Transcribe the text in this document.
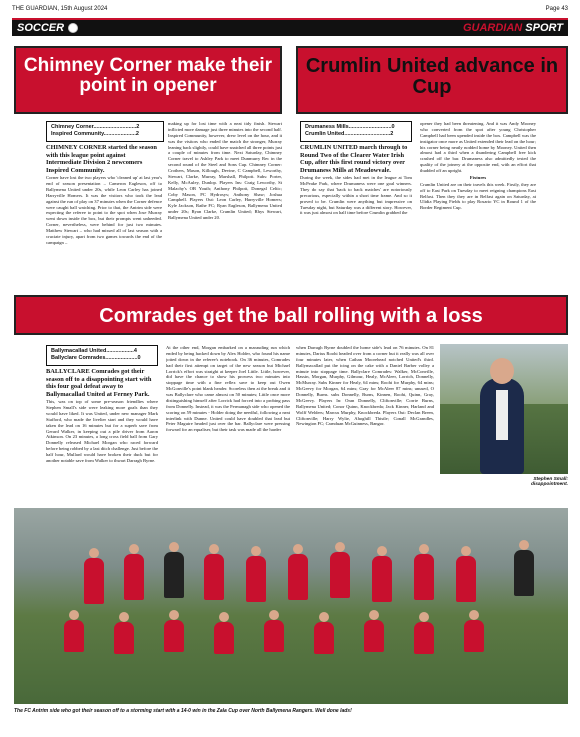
THE GUARDIAN, 15th August 2024	Page 43
SOCCER	GUARDIAN SPORT
Chimney Corner make their point in opener
Chimney Corner............................2
Inspired Community.....................2

CHIMNEY CORNER started the season with this league point against Intermediate Division 2 newcomers Inspired Community.

Corner have lost the two players who 'cleaned up' at last year's end of season presentation – Cameron Eagleson, off to Ballymena United under 20s, while Leon Carley has joined Harryville Homers. It was the visitors who took the lead against the run of play on 37 minutes when the Corner defence were caught ball watching. Prior to that, the Antrim side were expecting the referee to point to the spot when Jose Murray went down inside the box, but their prompts went unheeded. Corner, nevertheless, were behind for just two minutes. Matthew Stewart – who had missed all of last season with a cruciate injury, apart from two games towards the end of the campaign –

making up for lost time with a neat tidy finish. Stewart inflicted more damage just three minutes into the second half. Inspired Community, however, drew level on the hour, and it was the visitors who ended the match the stronger, Murray leaning back slightly, could have snatched all three points just a couple of minutes from time. Next Saturday, Chimney Corner travel to Ashley Park to meet Dunmurry Rec in the second round of the Steel and Sons Cup. Chimney Corner: Crothers, Mason, Killough, Devine, C Campbell, Leworthy, Stewart, Clarke, Murray, Marshall, Philpott. Subs: Porter, Kelly, McAuley, Dunlop. Players Ins: Craig Leworthy, St Malachy's OB Youth; Anthony Philpott, Donegal Celtic; Coby Mason, PC Hydrosys; Anthony Shaw; Joshua Campbell. Players Out: Leon Carley, Harryville Homers; Kyle Jackson, Rathe FC; Ryan Eagleson, Ballymena United under 20s; Ryan Clarke, Crumlin United; Rhys Stewart, Ballymena United under 20.

Crumlin United advance in Cup
Drumaness Mills............................0
Crumlin United..............................2

CRUMLIN UNITED march through to Round Two of the Clearer Water Irish Cup, after this first round victory over Drumaness Mills at Meadowvale.

During the week, the sides had met in the league at Tom McPeake Park, where Drumaness were one goal winners. They do say that 'back to back matches' are notoriously precarious, especially within a short time frame. And so it proved to be. Crumlin were anything but impressive on Tuesday night, but Saturday was a different story. However, it was just almost on half time before Crumlin grabbed the

opener they had been threatening. And it was Andy Mooney who converted from the spot after young Christopher Campbell had been upended inside the box. Campbell was the instigator once more as United extended their lead on the hour; his corner being neatly nodded home by Mooney. United then almost had a third when a thundering Campbell free kick crashed off the bar. Drumaness also admittedly tested the quality of the joinery at the opposite end, with an effort that thudded off an upright.

Fixtures

Crumlin United are on their travels this week. Firstly, they are off to East Park on Tuesday to meet reigning champions East Belfast. Then they they are in Belfast again on Saturday, at Ulidia Playing Fields to play Rosario YC in Round 1 of the Border Regiment Cup.

Comrades get the ball rolling with a loss
Ballymacallad United..................4
Ballyclare Comrades.....................0

BALLYCLARE Comrades got their season off to a disappointing start with this four goal defeat away to Ballymacallad United at Ferney Park.

This, was on top of some pre-season friendlies where Stephen Small's side were leaking more goals than they would have liked. It was United, under new manager Mark Stafford, who made the livelier start and they would have taken the lead on 16 minutes but for a superb save from Gerard Walker, in keeping out a pile driver from Aaron Atkinson. On 23 minutes, a long cross field ball from Gary Donnelly released Michael Morgan who raced forward before being robbed by a last ditch challenge. Just before the half hour, Mullard would have broken their duck but for another notable save from Walker to thwart Darragh Byrne.

At the other end, Morgan embarked on a marauding run which ended by being hacked down by Alex Holder, who found his name jotted down in the referee's notebook. On 36 minutes, Comrades had their first attempt on target of the new season but Michael Lorrick's effort was straight at keeper Joel Little. Little, however, did have the chance to show his prowess two minutes into stoppage time with a fine reflex save to keep out Owen McGonville's point blank header. Scoreless then at the break and it was Ballyclare who came almost on 50 minutes; Little once more distinguishing himself after Lorrick had forced into a probing pass from Donnelly. Instead, it was the Fermanagh side who opened the scoring on 59 minutes - Holder doing the needful, following a neat interlink with Dunne. United could have doubled that lead but Peter Maguire headed just over the bar. Ballyclare were pressing forward for an equaliser, but their task was made all the harder

when Darragh Byrne doubled the home side's lead on 76 minutes. On 81 minutes, Darius Roohi headed over from a corner but it really was all over four minutes later, when Cathan Moorehead notched United's third. Ballymacallad put the icing on the cake with a Daniel Barber volley a minute into stoppage time. Ballyclare Comrades: Walker, McConville, Hassin, Morgan, Murphy, Gilmour, Healy, McAleer, Lorrich, Donnelly, McMurray. Subs Kinner for Healy, 64 mins; Roohi for Murphy, 64 mins; McGeevy for Morgan, 64 mins; Gray for McAleer 87 mins; unused, O Donnelly, Burns. subs Donnelly, Burns, Kinnen, Roohi, Quinn, Gray, McGeevy. Players In: Oran Donnelly, Cliftonville; Corrie Burns, Ballymena United; Conor Quinn, Knockbreda; Jack Kinner, Harland and Wolff Welders; Marcus Murphy, Knockbreda. Players Out: Declan Breen, Cliftonville; Harry Wylie, Ahoghill Thistle; Conall McGrandles, Newington FC; Carnduan McGuinness, Bangor.

Stephen Small: disappointment.
The FC Antrim side who got their season off to a storming start with a 14-0 win in the Zala Cup over North Ballymena Rangers. Well done lads!
